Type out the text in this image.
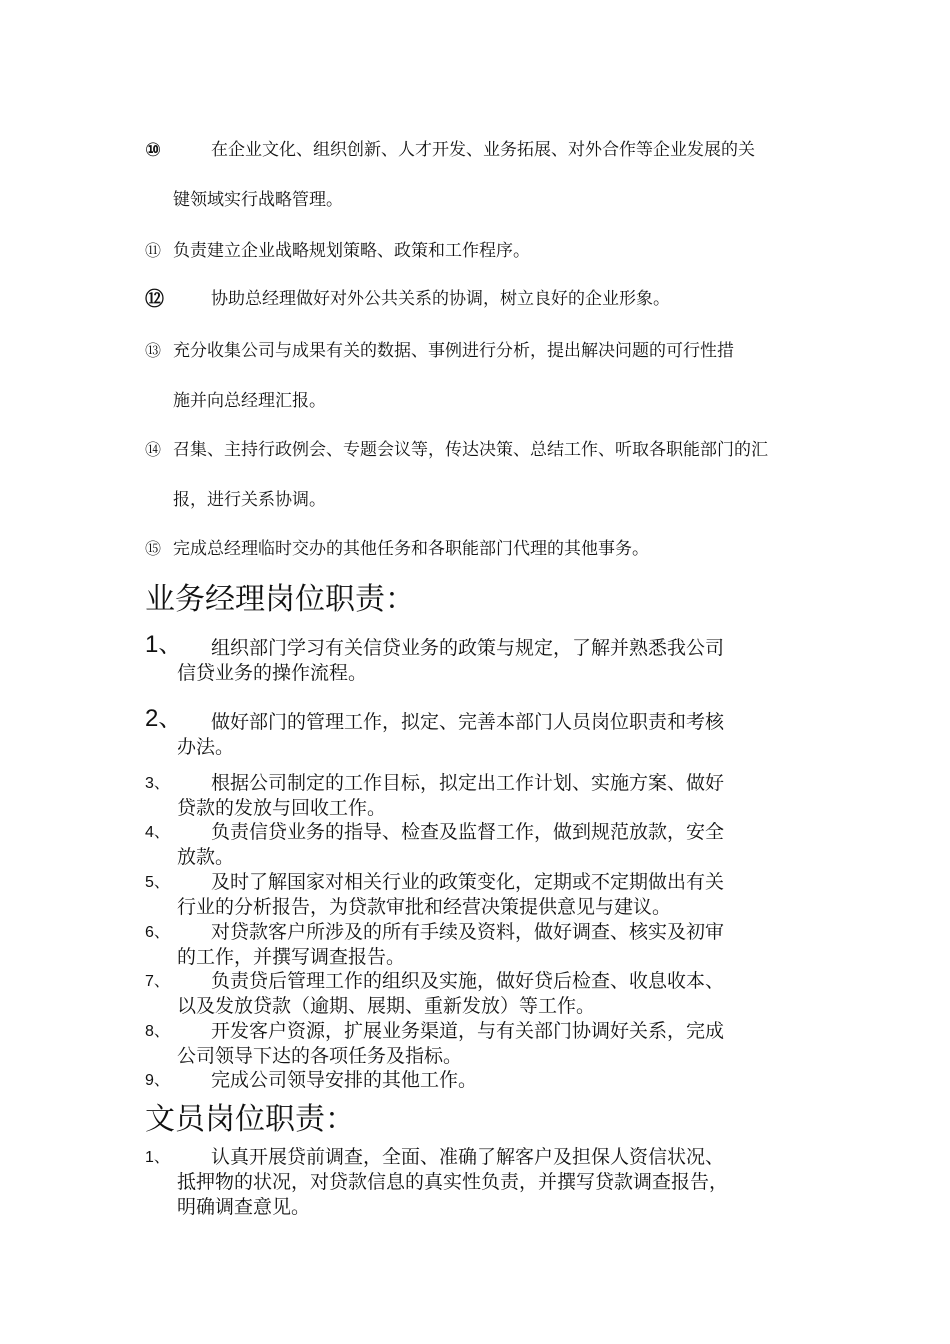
⑩	在企业文化、组织创新、人才开发、业务拓展、对外合作等企业发展的关
键领域实行战略管理。
⑪ 负责建立企业战略规划策略、政策和工作程序。
⑫	协助总经理做好对外公共关系的协调，树立良好的企业形象。
⑬ 充分收集公司与成果有关的数据、事例进行分析，提出解决问题的可行性措
施并向总经理汇报。
⑭ 召集、主持行政例会、专题会议等，传达决策、总结工作、听取各职能部门的汇
报，进行关系协调。
⑮ 完成总经理临时交办的其他任务和各职能部门代理的其他事务。
业务经理岗位职责：
1、 组织部门学习有关信贷业务的政策与规定，了解并熟悉我公司
信贷业务的操作流程。
2、 做好部门的管理工作，拟定、完善本部门人员岗位职责和考核
办法。
3、 根据公司制定的工作目标，拟定出工作计划、实施方案、做好
贷款的发放与回收工作。
4、 负责信贷业务的指导、检查及监督工作，做到规范放款，安全
放款。
5、 及时了解国家对相关行业的政策变化，定期或不定期做出有关
行业的分析报告，为贷款审批和经营决策提供意见与建议。
6、 对贷款客户所涉及的所有手续及资料，做好调查、核实及初审
的工作，并撰写调查报告。
7、 负责贷后管理工作的组织及实施，做好贷后检查、收息收本、
以及发放贷款（逾期、展期、重新发放）等工作。
8、 开发客户资源，扩展业务渠道，与有关部门协调好关系，完成
公司领导下达的各项任务及指标。
9、 完成公司领导安排的其他工作。
文员岗位职责：
1、 认真开展贷前调查，全面、准确了解客户及担保人资信状况、
抵押物的状况，对贷款信息的真实性负责，并撰写贷款调查报告，
明确调查意见。
